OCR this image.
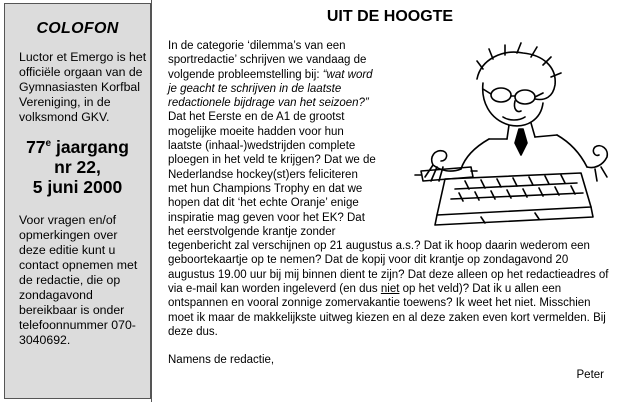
COLOFON
Luctor et Emergo is het officiële orgaan van de Gymnasiasten Korfbal Vereniging, in de volksmond GKV.
77e jaargang
nr 22,
5 juni 2000
Voor vragen en/of opmerkingen over deze editie kunt u contact opnemen met de redactie, die op zondagavond bereikbaar is onder telefoonnummer 070- 3040692.
UIT DE HOOGTE

In de categorie ‘dilemma’s van een sportredactie’ schrijven we vandaag de volgende probleemstelling bij: “wat word je geacht te schrijven in de laatste redactionele bijdrage van het seizoen?” Dat het Eerste en de A1 de grootst mogelijke moeite hadden voor hun laatste (inhaal-)wedstrijden complete ploegen in het veld te krijgen? Dat we de Nederlandse hockey(st)ers feliciteren met hun Champions Trophy en dat we hopen dat dit ‘het echte Oranje’ enige inspiratie mag geven voor het EK? Dat het eerstvolgende krantje zonder tegenbericht zal verschijnen op 21 augustus a.s.? Dat ik hoop daarin wederom een geboortekaartje op te nemen? Dat de kopij voor dit krantje op zondagavond 20 augustus 19.00 uur bij mij binnen dient te zijn? Dat deze alleen op het redactieadres of via e-mail kan worden ingeleverd (en dus niet op het veld)? Dat ik u allen een ontspannen en vooral zonnige zomervakantie toewens? Ik weet het niet. Misschien moet ik maar de makkelijkste uitweg kiezen en al deze zaken even kort vermelden. Bij deze dus.

Namens de redactie,

Peter
